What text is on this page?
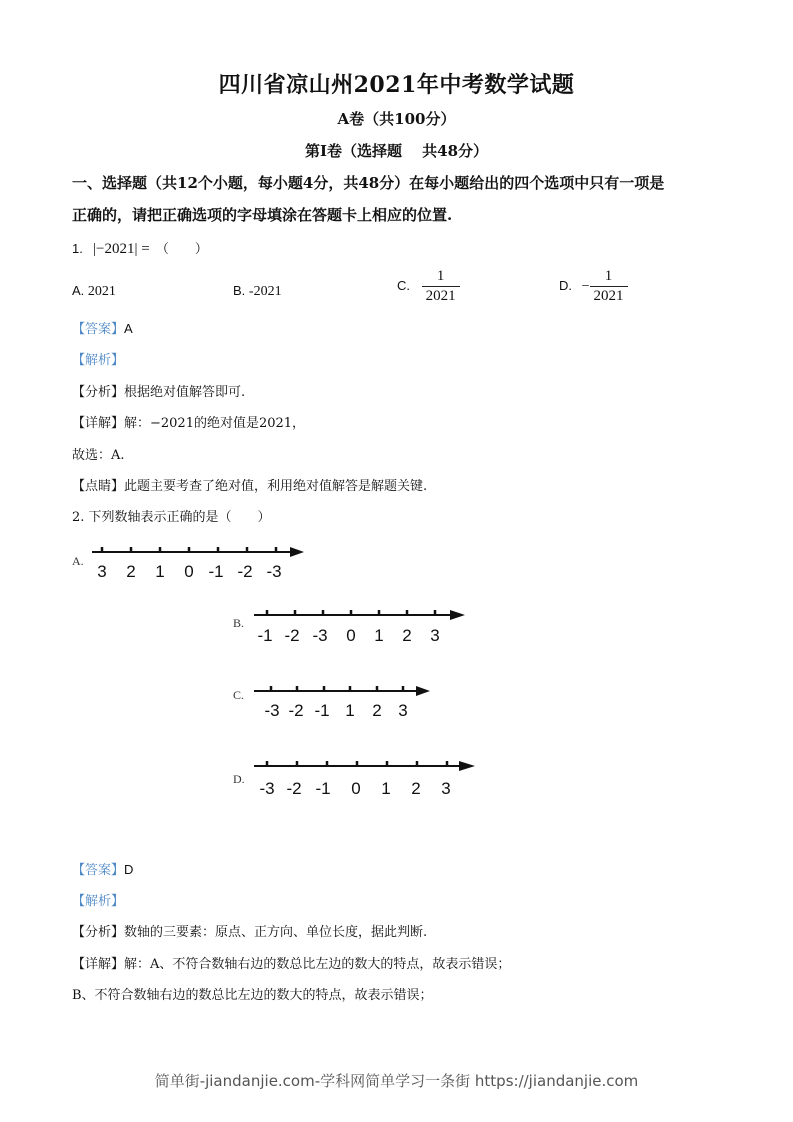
四川省凉山州2021年中考数学试题
A卷（共100分）
第I卷（选择题　 共48分）
一、选择题（共12个小题，每小题4分，共48分）在每小题给出的四个选项中只有一项是
正确的，请把正确选项的字母填涂在答题卡上相应的位置.
1. |−2021| = （　　）
A. 2021	B. -2021	C. $\frac{1}{2021}$	D. − $\frac{1}{2021}$
【答案】A
【解析】
【分析】根据绝对值解答即可.
【详解】解：−2021的绝对值是2021，
故选：A.
【点睛】此题主要考查了绝对值，利用绝对值解答是解题关键.
2. 下列数轴表示正确的是（　　）
A.
3 2 1 0 -1 -2 -3
B.
-1 -2 -3 0 1 2 3
C.
-3 -2 -1 1 2 3
D. -3 -2 -1 0 1 2 3
【答案】D
【解析】
【分析】数轴的三要素：原点、正方向、单位长度，据此判断.
【详解】解：A、不符合数轴右边的数总比左边的数大的特点，故表示错误；
B、不符合数轴右边的数总比左边的数大的特点，故表示错误；
简单街-jiandanjie.com-学科网简单学习一条街 https://jiandanjie.com
